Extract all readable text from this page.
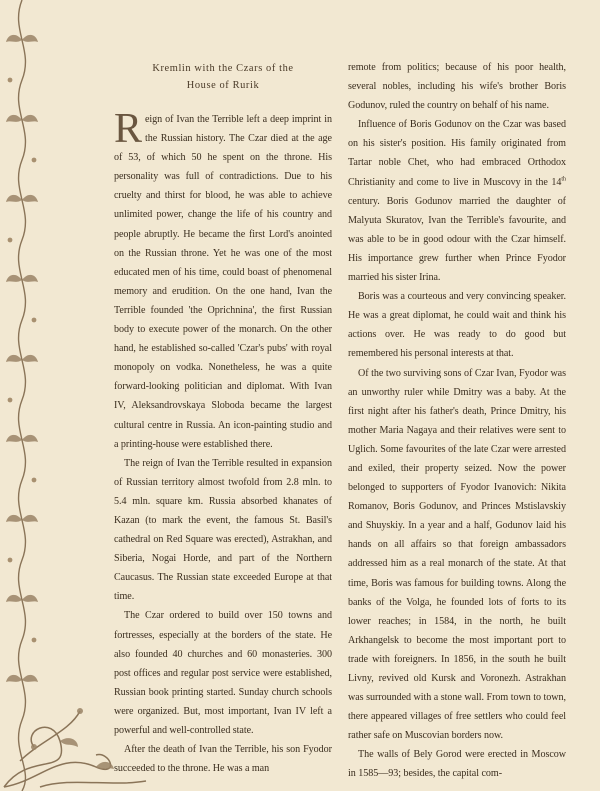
Kremlin with the Czars of the
House of Rurik

Reign of Ivan the Terrible left a deep imprint in the Russian history. The Czar died at the age of 53, of which 50 he spent on the throne. His personality was full of contradictions. Due to his cruelty and thirst for blood, he was able to achieve unlimited power, change the life of his country and people abruptly. He became the first Lord's anointed on the Russian throne. Yet he was one of the most educated men of his time, could boast of phenomenal memory and erudition. On the one hand, Ivan the Terrible founded 'the Oprichnina', the first Russian body to execute power of the monarch. On the other hand, he established so-called 'Czar's pubs' with royal monopoly on vodka. Nonetheless, he was a quite forward-looking politician and diplomat. With Ivan IV, Aleksandrovskaya Sloboda became the largest cultural centre in Russia. An icon-painting studio and a printing-house were established there.

The reign of Ivan the Terrible resulted in expansion of Russian territory almost twofold from 2.8 mln. to 5.4 mln. square km. Russia absorbed khanates of Kazan (to mark the event, the famous St. Basil's cathedral on Red Square was erected), Astrakhan, and Siberia, Nogai Horde, and part of the Northern Caucasus. The Russian state exceeded Europe at that time.

The Czar ordered to build over 150 towns and fortresses, especially at the borders of the state. He also founded 40 churches and 60 monasteries. 300 post offices and regular post service were established, Russian book printing started. Sunday church schools were organized. But, most important, Ivan IV left a powerful and well-controlled state.

After the death of Ivan the Terrible, his son Fyodor succeeded to the throne. He was a man

remote from politics; because of his poor health, several nobles, including his wife's brother Boris Godunov, ruled the country on behalf of his name.

Influence of Boris Godunov on the Czar was based on his sister's position. His family originated from Tartar noble Chet, who had embraced Orthodox Christianity and come to live in Muscovy in the 14th century. Boris Godunov married the daughter of Malyuta Skuratov, Ivan the Terrible's favourite, and was able to be in good odour with the Czar himself. His importance grew further when Prince Fyodor married his sister Irina.

Boris was a courteous and very convincing speaker. He was a great diplomat, he could wait and think his actions over. He was ready to do good but remembered his personal interests at that.

Of the two surviving sons of Czar Ivan, Fyodor was an unworthy ruler while Dmitry was a baby. At the first night after his father's death, Prince Dmitry, his mother Maria Nagaya and their relatives were sent to Uglich. Some favourites of the late Czar were arrested and exiled, their property seized. Now the power belonged to supporters of Fyodor Ivanovich: Nikita Romanov, Boris Godunov, and Princes Mstislavskiy and Shuyskiy. In a year and a half, Godunov laid his hands on all affairs so that foreign ambassadors addressed him as a real monarch of the state. At that time, Boris was famous for building towns. Along the banks of the Volga, he founded lots of forts to its lower reaches; in 1584, in the north, he built Arkhangelsk to become the most important port to trade with foreigners. In 1856, in the south he built Livny, revived old Kursk and Voronezh. Astrakhan was surrounded with a stone wall. From town to town, there appeared villages of free settlers who could feel rather safe on Muscovian borders now.

The walls of Bely Gorod were erected in Moscow in 1585—93; besides, the capital com-
